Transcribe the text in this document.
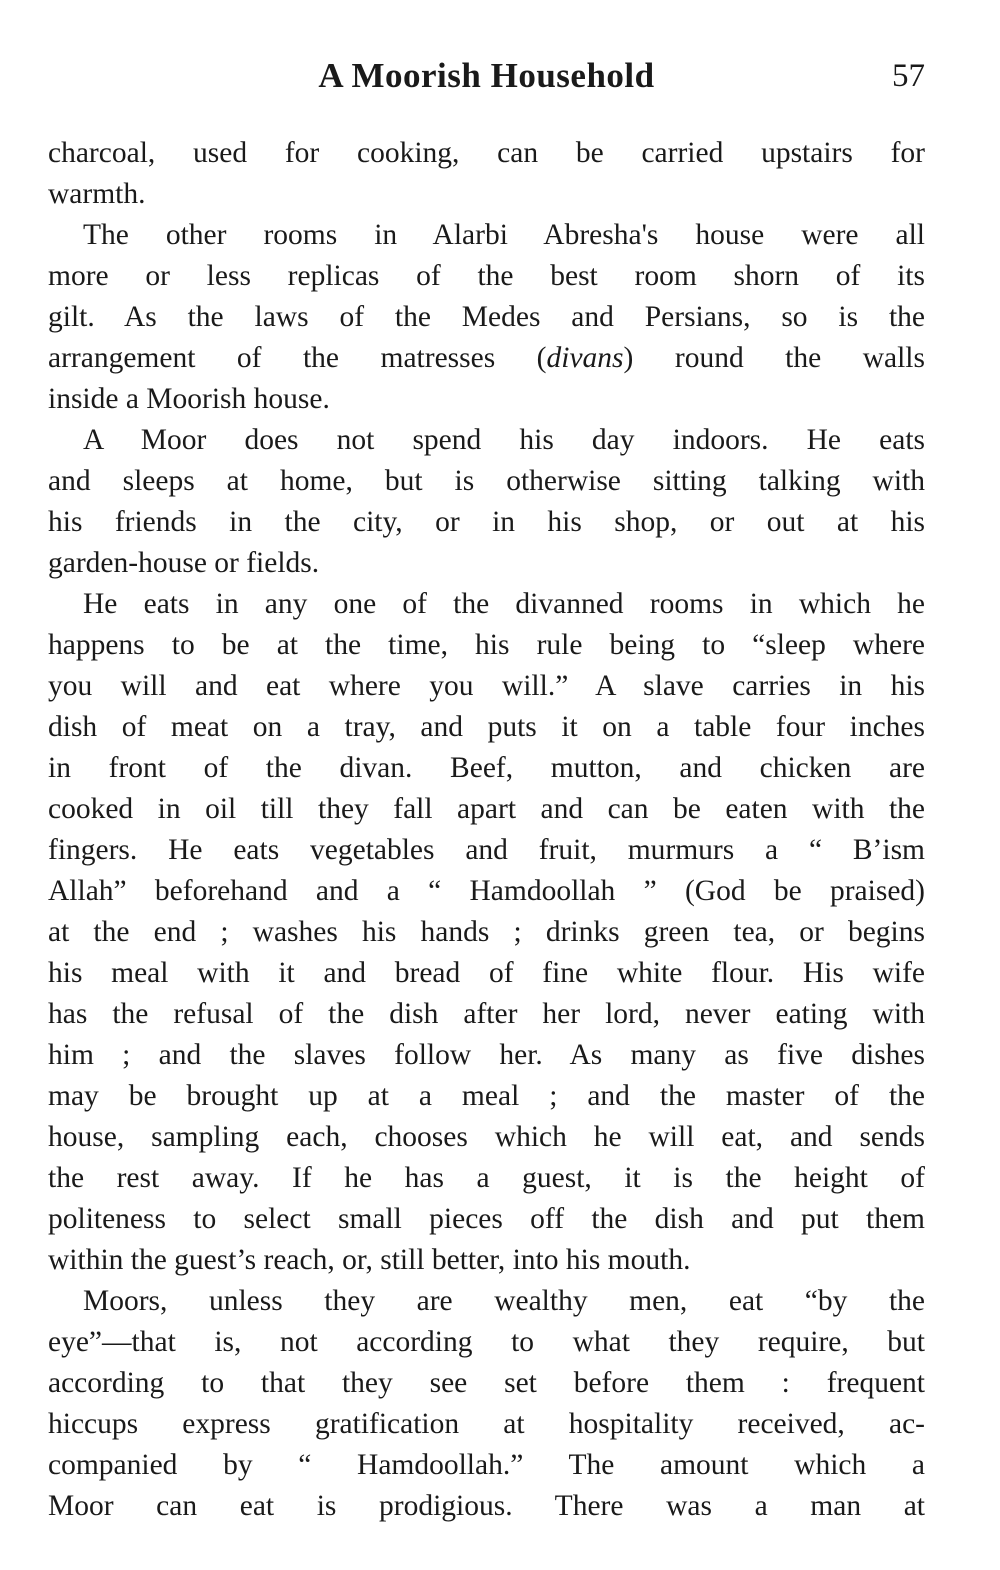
A Moorish Household	57
charcoal, used for cooking, can be carried upstairs for
warmth.
The other rooms in Alarbi Abresha's house were all
more or less replicas of the best room shorn of its
gilt. As the laws of the Medes and Persians, so is the
arrangement of the matresses (divans) round the walls
inside a Moorish house.
A Moor does not spend his day indoors. He eats
and sleeps at home, but is otherwise sitting talking with
his friends in the city, or in his shop, or out at his
garden-house or fields.
He eats in any one of the divanned rooms in which he
happens to be at the time, his rule being to “sleep where
you will and eat where you will.” A slave carries in his
dish of meat on a tray, and puts it on a table four inches
in front of the divan. Beef, mutton, and chicken are
cooked in oil till they fall apart and can be eaten with the
fingers. He eats vegetables and fruit, murmurs a “ B’ism
Allah” beforehand and a “ Hamdoollah ” (God be praised)
at the end ; washes his hands ; drinks green tea, or begins
his meal with it and bread of fine white flour. His wife
has the refusal of the dish after her lord, never eating with
him ; and the slaves follow her. As many as five dishes
may be brought up at a meal ; and the master of the
house, sampling each, chooses which he will eat, and sends
the rest away. If he has a guest, it is the height of
politeness to select small pieces off the dish and put them
within the guest’s reach, or, still better, into his mouth.
Moors, unless they are wealthy men, eat “by the
eye”—that is, not according to what they require, but
according to that they see set before them : frequent
hiccups express gratification at hospitality received, ac-
companied by “ Hamdoollah.” The amount which a
Moor can eat is prodigious. There was a man at
